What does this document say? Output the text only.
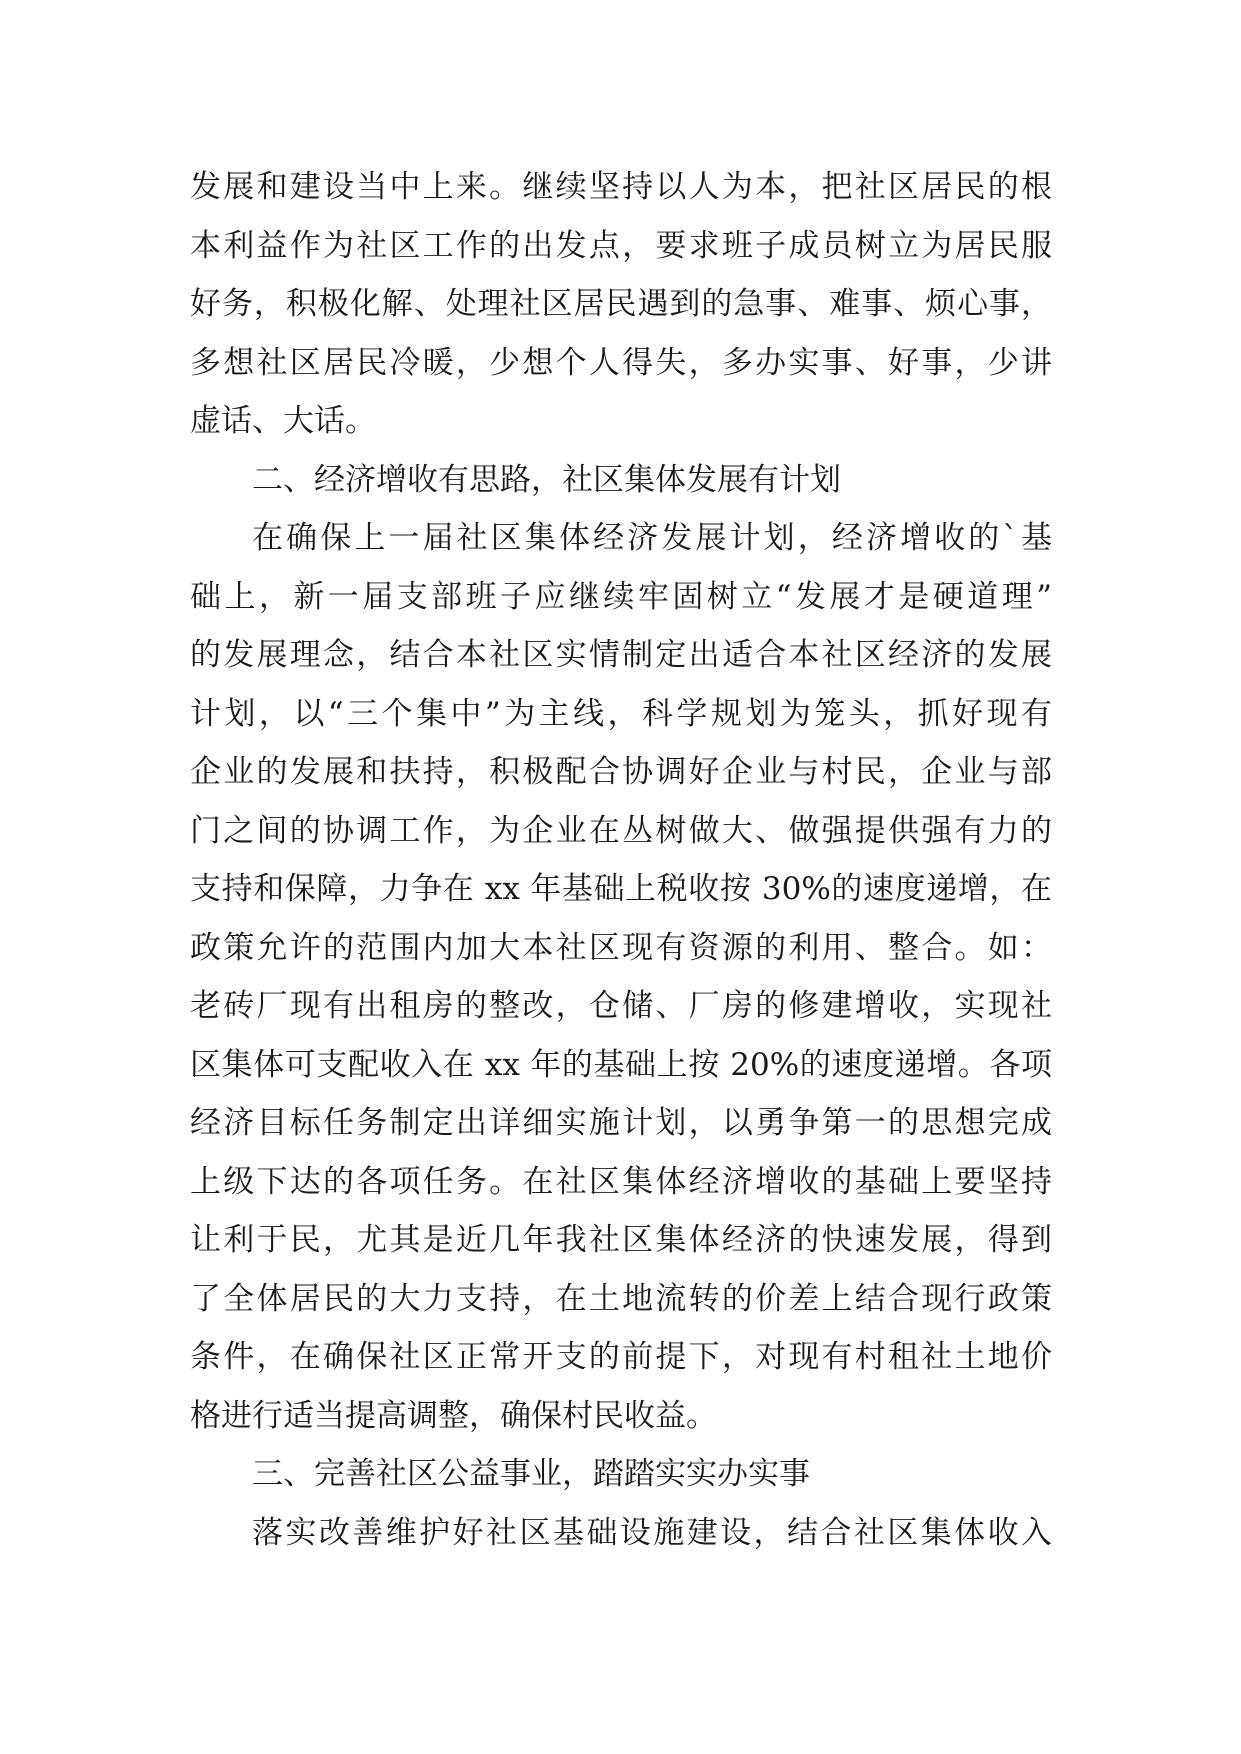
发展和建设当中上来。继续坚持以人为本，把社区居民的根
本利益作为社区工作的出发点，要求班子成员树立为居民服
好务，积极化解、处理社区居民遇到的急事、难事、烦心事，
多想社区居民冷暖，少想个人得失，多办实事、好事，少讲
虚话、大话。
二、经济增收有思路，社区集体发展有计划
在确保上一届社区集体经济发展计划，经济增收的`基
础上，新一届支部班子应继续牢固树立“发展才是硬道理”
的发展理念，结合本社区实情制定出适合本社区经济的发展
计划，以“三个集中”为主线，科学规划为笼头，抓好现有
企业的发展和扶持，积极配合协调好企业与村民，企业与部
门之间的协调工作，为企业在丛树做大、做强提供强有力的
支持和保障，力争在 xx 年基础上税收按 30%的速度递增，在
政策允许的范围内加大本社区现有资源的利用、整合。如：
老砖厂现有出租房的整改，仓储、厂房的修建增收，实现社
区集体可支配收入在 xx 年的基础上按 20%的速度递增。各项
经济目标任务制定出详细实施计划，以勇争第一的思想完成
上级下达的各项任务。在社区集体经济增收的基础上要坚持
让利于民，尤其是近几年我社区集体经济的快速发展，得到
了全体居民的大力支持，在土地流转的价差上结合现行政策
条件，在确保社区正常开支的前提下，对现有村租社土地价
格进行适当提高调整，确保村民收益。
三、完善社区公益事业，踏踏实实办实事
落实改善维护好社区基础设施建设，结合社区集体收入
